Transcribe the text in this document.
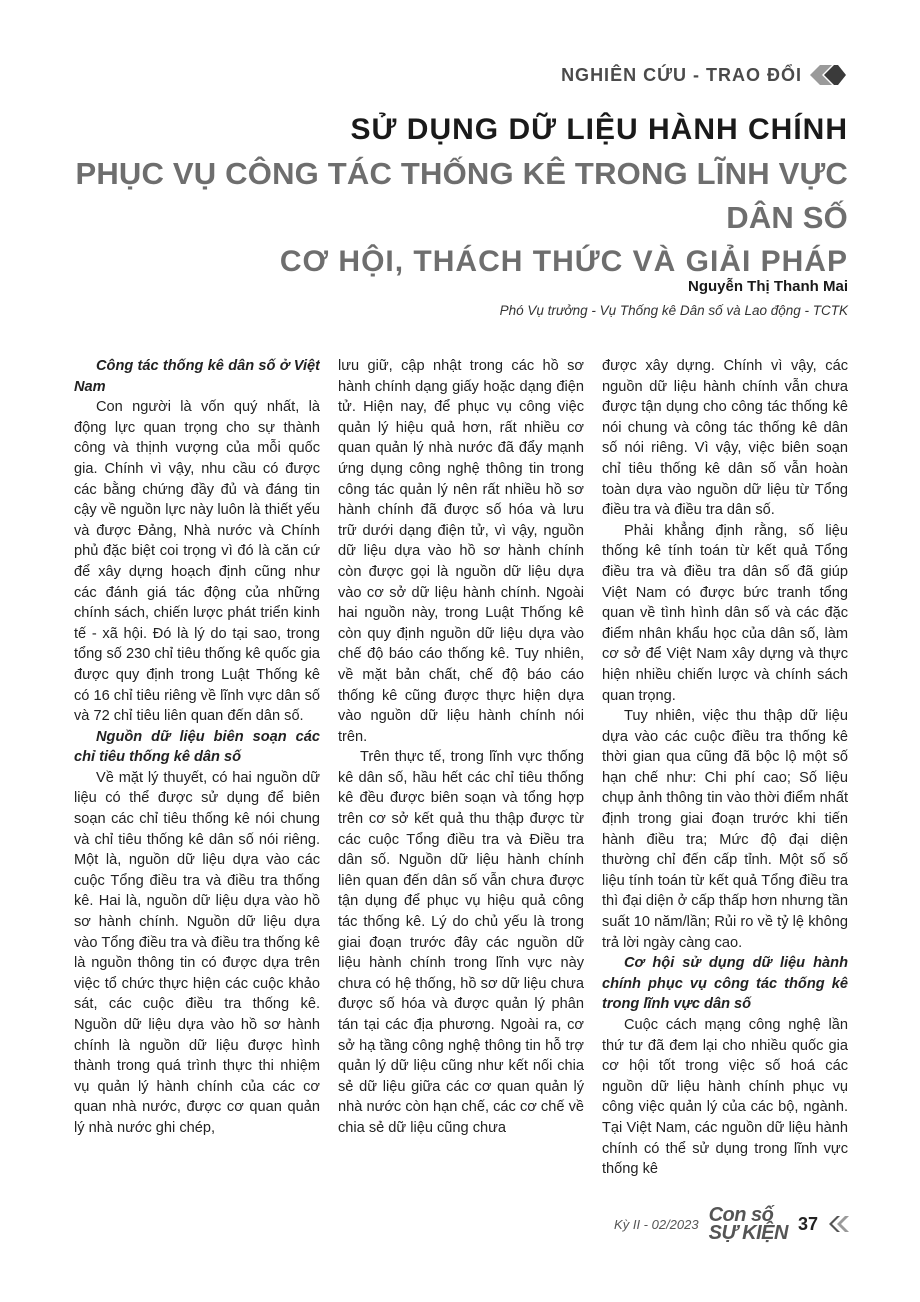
NGHIÊN CỨU - TRAO ĐỔI
SỬ DỤNG DỮ LIỆU HÀNH CHÍNH
PHỤC VỤ CÔNG TÁC THỐNG KÊ TRONG LĨNH VỰC DÂN SỐ
CƠ HỘI, THÁCH THỨC VÀ GIẢI PHÁP
Nguyễn Thị Thanh Mai
Phó Vụ trưởng - Vụ Thống kê Dân số và Lao động - TCTK
Công tác thống kê dân số ở Việt Nam

Con người là vốn quý nhất, là động lực quan trọng cho sự thành công và thịnh vượng của mỗi quốc gia. Chính vì vậy, nhu cầu có được các bằng chứng đầy đủ và đáng tin cậy về nguồn lực này luôn là thiết yếu và được Đảng, Nhà nước và Chính phủ đặc biệt coi trọng vì đó là căn cứ để xây dựng hoạch định cũng như các đánh giá tác động của những chính sách, chiến lược phát triển kinh tế - xã hội. Đó là lý do tại sao, trong tổng số 230 chỉ tiêu thống kê quốc gia được quy định trong Luật Thống kê có 16 chỉ tiêu riêng về lĩnh vực dân số và 72 chỉ tiêu liên quan đến dân số.

Nguồn dữ liệu biên soạn các chỉ tiêu thống kê dân số

Về mặt lý thuyết, có hai nguồn dữ liệu có thể được sử dụng để biên soạn các chỉ tiêu thống kê nói chung và chỉ tiêu thống kê dân số nói riêng. Một là, nguồn dữ liệu dựa vào các cuộc Tổng điều tra và điều tra thống kê. Hai là, nguồn dữ liệu dựa vào hồ sơ hành chính. Nguồn dữ liệu dựa vào Tổng điều tra và điều tra thống kê là nguồn thông tin có được dựa trên việc tổ chức thực hiện các cuộc khảo sát, các cuộc điều tra thống kê. Nguồn dữ liệu dựa vào hồ sơ hành chính là nguồn dữ liệu được hình thành trong quá trình thực thi nhiệm vụ quản lý hành chính của các cơ quan nhà nước, được cơ quan quản lý nhà nước ghi chép,

lưu giữ, cập nhật trong các hồ sơ hành chính dạng giấy hoặc dạng điện tử. Hiện nay, để phục vụ công việc quản lý hiệu quả hơn, rất nhiều cơ quan quản lý nhà nước đã đẩy mạnh ứng dụng công nghệ thông tin trong công tác quản lý nên rất nhiều hồ sơ hành chính đã được số hóa và lưu trữ dưới dạng điện tử, vì vậy, nguồn dữ liệu dựa vào hồ sơ hành chính còn được gọi là nguồn dữ liệu dựa vào cơ sở dữ liệu hành chính. Ngoài hai nguồn này, trong Luật Thống kê còn quy định nguồn dữ liệu dựa vào chế độ báo cáo thống kê. Tuy nhiên, về mặt bản chất, chế độ báo cáo thống kê cũng được thực hiện dựa vào nguồn dữ liệu hành chính nói trên.

Trên thực tế, trong lĩnh vực thống kê dân số, hầu hết các chỉ tiêu thống kê đều được biên soạn và tổng hợp trên cơ sở kết quả thu thập được từ các cuộc Tổng điều tra và Điều tra dân số. Nguồn dữ liệu hành chính liên quan đến dân số vẫn chưa được tận dụng để phục vụ hiệu quả công tác thống kê. Lý do chủ yếu là trong giai đoạn trước đây các nguồn dữ liệu hành chính trong lĩnh vực này chưa có hệ thống, hồ sơ dữ liệu chưa được số hóa và được quản lý phân tán tại các địa phương. Ngoài ra, cơ sở hạ tầng công nghệ thông tin hỗ trợ quản lý dữ liệu cũng như kết nối chia sẻ dữ liệu giữa các cơ quan quản lý nhà nước còn hạn chế, các cơ chế về chia sẻ dữ liệu cũng chưa

được xây dựng. Chính vì vậy, các nguồn dữ liệu hành chính vẫn chưa được tận dụng cho công tác thống kê nói chung và công tác thống kê dân số nói riêng. Vì vậy, việc biên soạn chỉ tiêu thống kê dân số vẫn hoàn toàn dựa vào nguồn dữ liệu từ Tổng điều tra và điều tra dân số.

Phải khẳng định rằng, số liệu thống kê tính toán từ kết quả Tổng điều tra và điều tra dân số đã giúp Việt Nam có được bức tranh tổng quan về tình hình dân số và các đặc điểm nhân khẩu học của dân số, làm cơ sở để Việt Nam xây dựng và thực hiện nhiều chiến lược và chính sách quan trọng.

Tuy nhiên, việc thu thập dữ liệu dựa vào các cuộc điều tra thống kê thời gian qua cũng đã bộc lộ một số hạn chế như: Chi phí cao; Số liệu chụp ảnh thông tin vào thời điểm nhất định trong giai đoạn trước khi tiến hành điều tra; Mức độ đại diện thường chỉ đến cấp tỉnh. Một số số liệu tính toán từ kết quả Tổng điều tra thì đại diện ở cấp thấp hơn nhưng tần suất 10 năm/lần; Rủi ro về tỷ lệ không trả lời ngày càng cao.

Cơ hội sử dụng dữ liệu hành chính phục vụ công tác thống kê trong lĩnh vực dân số

Cuộc cách mạng công nghệ lần thứ tư đã đem lại cho nhiều quốc gia cơ hội tốt trong việc số hoá các nguồn dữ liệu hành chính phục vụ công việc quản lý của các bộ, ngành. Tại Việt Nam, các nguồn dữ liệu hành chính có thể sử dụng trong lĩnh vực thống kê

Kỳ II - 02/2023 Con số
SỰ KIỆN 37
